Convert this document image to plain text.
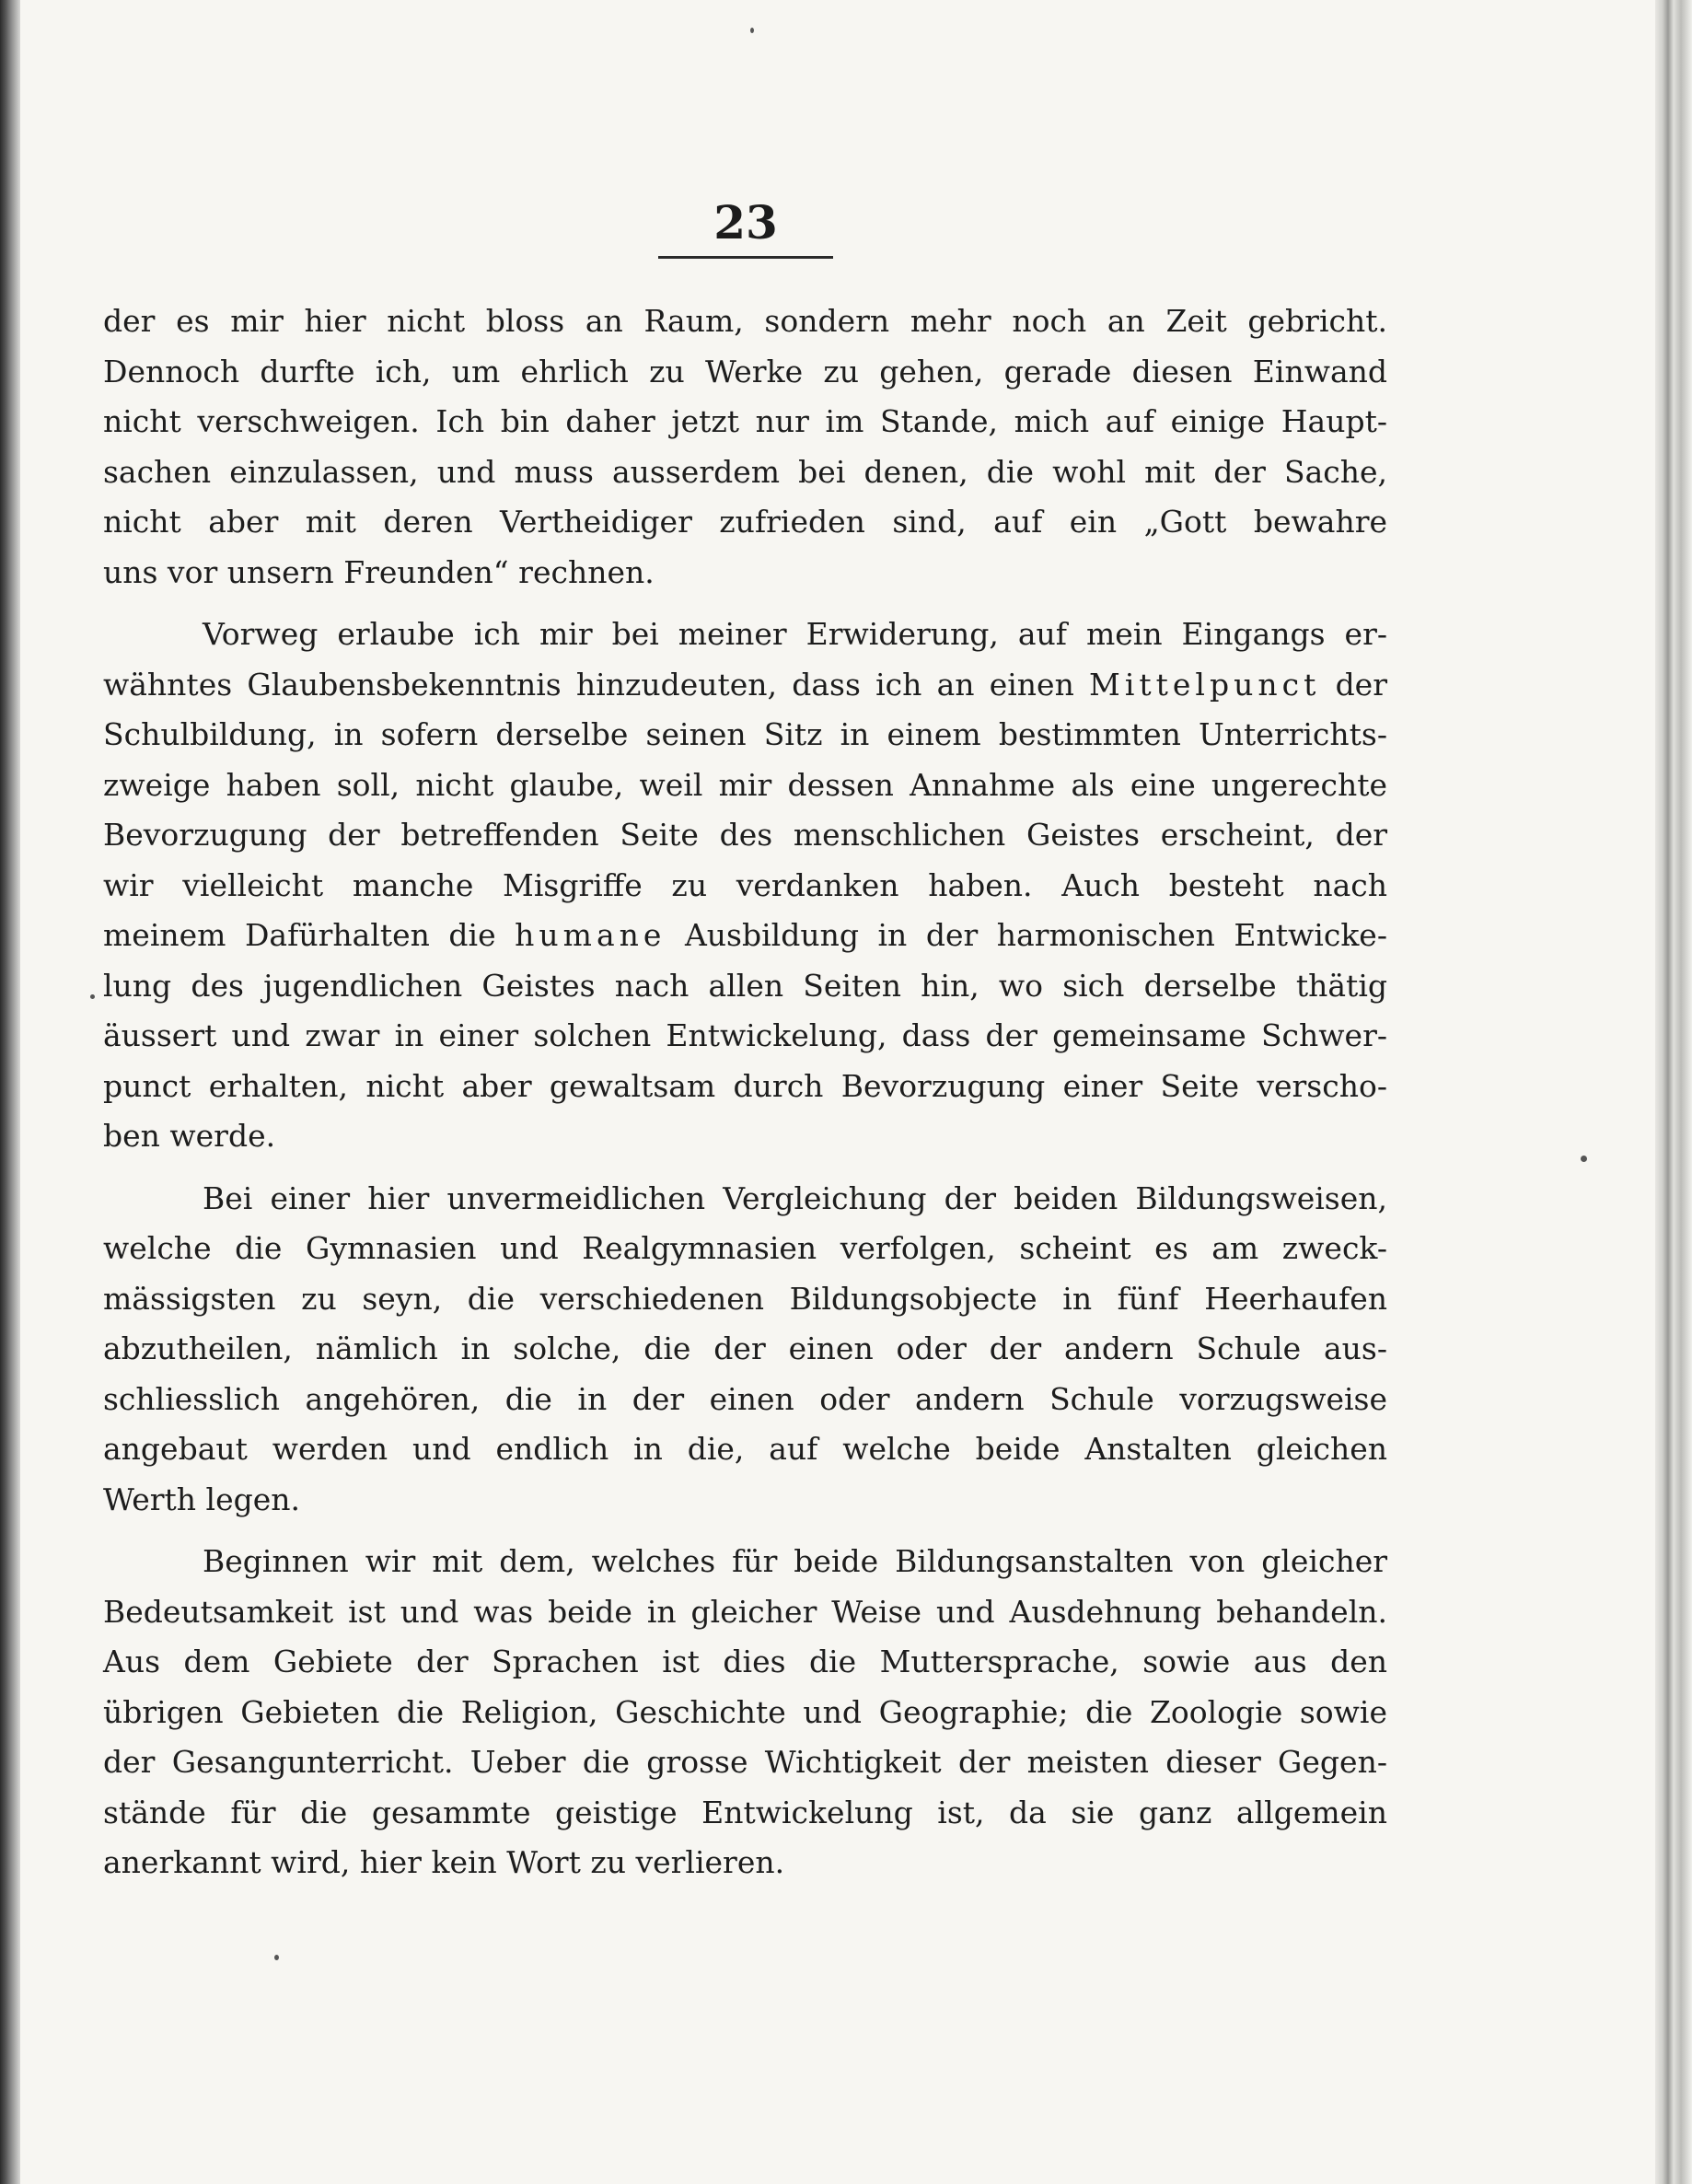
23
der es mir hier nicht bloss an Raum, sondern mehr noch an Zeit gebricht.
Dennoch durfte ich, um ehrlich zu Werke zu gehen, gerade diesen Einwand
nicht verschweigen. Ich bin daher jetzt nur im Stande, mich auf einige Haupt-
sachen einzulassen, und muss ausserdem bei denen, die wohl mit der Sache,
nicht aber mit deren Vertheidiger zufrieden sind, auf ein „Gott bewahre
uns vor unsern Freunden“ rechnen.
Vorweg erlaube ich mir bei meiner Erwiderung, auf mein Eingangs er-
wähntes Glaubensbekenntnis hinzudeuten, dass ich an einen Mittelpunct der
Schulbildung, in sofern derselbe seinen Sitz in einem bestimmten Unterrichts-
zweige haben soll, nicht glaube, weil mir dessen Annahme als eine ungerechte
Bevorzugung der betreffenden Seite des menschlichen Geistes erscheint, der
wir vielleicht manche Misgriffe zu verdanken haben. Auch besteht nach
meinem Dafürhalten die humane Ausbildung in der harmonischen Entwicke-
lung des jugendlichen Geistes nach allen Seiten hin, wo sich derselbe thätig
äussert und zwar in einer solchen Entwickelung, dass der gemeinsame Schwer-
punct erhalten, nicht aber gewaltsam durch Bevorzugung einer Seite verscho-
ben werde.
Bei einer hier unvermeidlichen Vergleichung der beiden Bildungsweisen,
welche die Gymnasien und Realgymnasien verfolgen, scheint es am zweck-
mässigsten zu seyn, die verschiedenen Bildungsobjecte in fünf Heerhaufen
abzutheilen, nämlich in solche, die der einen oder der andern Schule aus-
schliesslich angehören, die in der einen oder andern Schule vorzugsweise
angebaut werden und endlich in die, auf welche beide Anstalten gleichen
Werth legen.
Beginnen wir mit dem, welches für beide Bildungsanstalten von gleicher
Bedeutsamkeit ist und was beide in gleicher Weise und Ausdehnung behandeln.
Aus dem Gebiete der Sprachen ist dies die Muttersprache, sowie aus den
übrigen Gebieten die Religion, Geschichte und Geographie; die Zoologie sowie
der Gesangunterricht. Ueber die grosse Wichtigkeit der meisten dieser Gegen-
stände für die gesammte geistige Entwickelung ist, da sie ganz allgemein
anerkannt wird, hier kein Wort zu verlieren.
